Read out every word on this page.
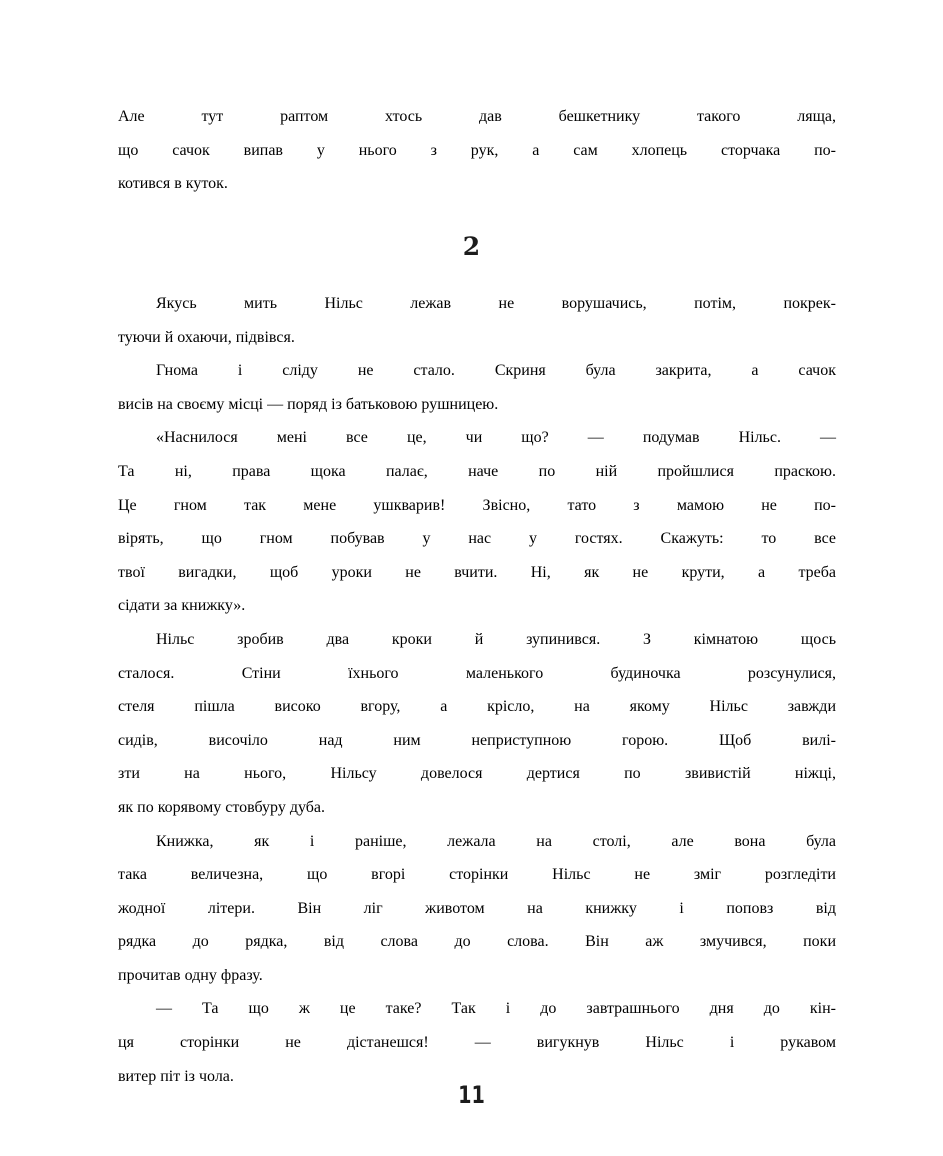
Але тут раптом хтось дав бешкетнику такого ляща,
що сачок випав у нього з рук, а сам хлопець сторчака по-
котився в куток.
2
Якусь мить Нільс лежав не ворушачись, потім, покрек-
туючи й охаючи, підвівся.
Гнома і сліду не стало. Скриня була закрита, а сачок
висів на своєму місці — поряд із батьковою рушницею.
«Наснилося мені все це, чи що? — подумав Нільс. —
Та ні, права щока палає, наче по ній пройшлися праскою.
Це гном так мене ушкварив! Звісно, тато з мамою не по-
вірять, що гном побував у нас у гостях. Скажуть: то все
твої вигадки, щоб уроки не вчити. Ні, як не крути, а треба
сідати за книжку».
Нільс зробив два кроки й зупинився. З кімнатою щось
сталося. Стіни їхнього маленького будиночка розсунулися,
стеля пішла високо вгору, а крісло, на якому Нільс завжди
сидів, височіло над ним неприступною горою. Щоб вилі-
зти на нього, Нільсу довелося дертися по звивистій ніжці,
як по корявому стовбуру дуба.
Книжка, як і раніше, лежала на столі, але вона була
така величезна, що вгорі сторінки Нільс не зміг розгледіти
жодної літери. Він ліг животом на книжку і поповз від
рядка до рядка, від слова до слова. Він аж змучився, поки
прочитав одну фразу.
— Та що ж це таке? Так і до завтрашнього дня до кін-
ця сторінки не дістанешся! — вигукнув Нільс і рукавом
витер піт із чола.
11
